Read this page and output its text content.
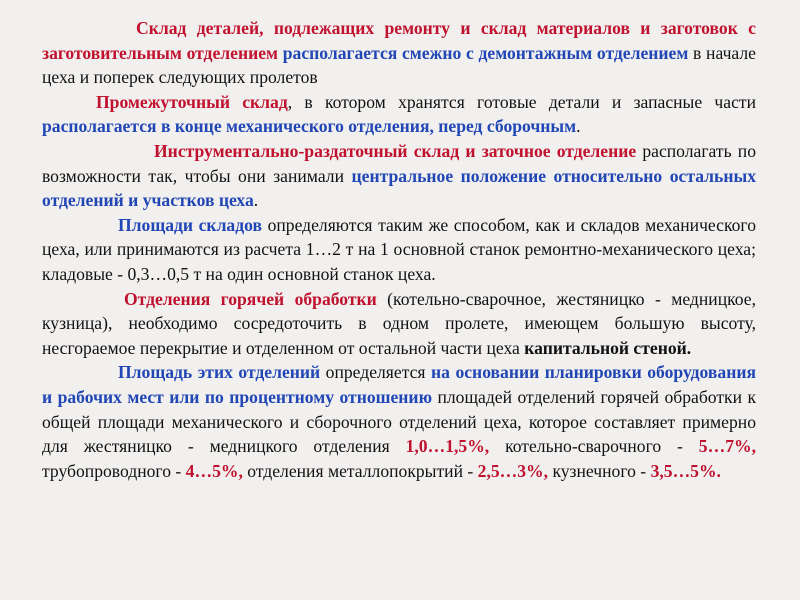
Склад деталей, подлежащих ремонту и склад материалов и заготовок с заготовительным отделением располагается смежно с демонтажным отделением в начале цеха и поперек следующих пролетов

Промежуточный склад, в котором хранятся готовые детали и запасные части располагается в конце механического отделения, перед сборочным.

Инструментально-раздаточный склад и заточное отделение располагать по возможности так, чтобы они занимали центральное положение относительно остальных отделений и участков цеха.

Площади складов определяются таким же способом, как и складов механического цеха, или принимаются из расчета 1…2 т на 1 основной станок ремонтно-механического цеха; кладовые - 0,3…0,5 т на один основной станок цеха.

Отделения горячей обработки (котельно-сварочное, жестяницко - медницкое, кузница), необходимо сосредоточить в одном пролете, имеющем большую высоту, несгораемое перекрытие и отделенном от остальной части цеха капитальной стеной.

Площадь этих отделений определяется на основании планировки оборудования и рабочих мест или по процентному отношению площадей отделений горячей обработки к общей площади механического и сборочного отделений цеха, которое составляет примерно для жестяницко - медницкого отделения 1,0…1,5%, котельно-сварочного - 5…7%, трубопроводного - 4…5%, отделения металлопокрытий - 2,5…3%, кузнечного - 3,5…5%.
